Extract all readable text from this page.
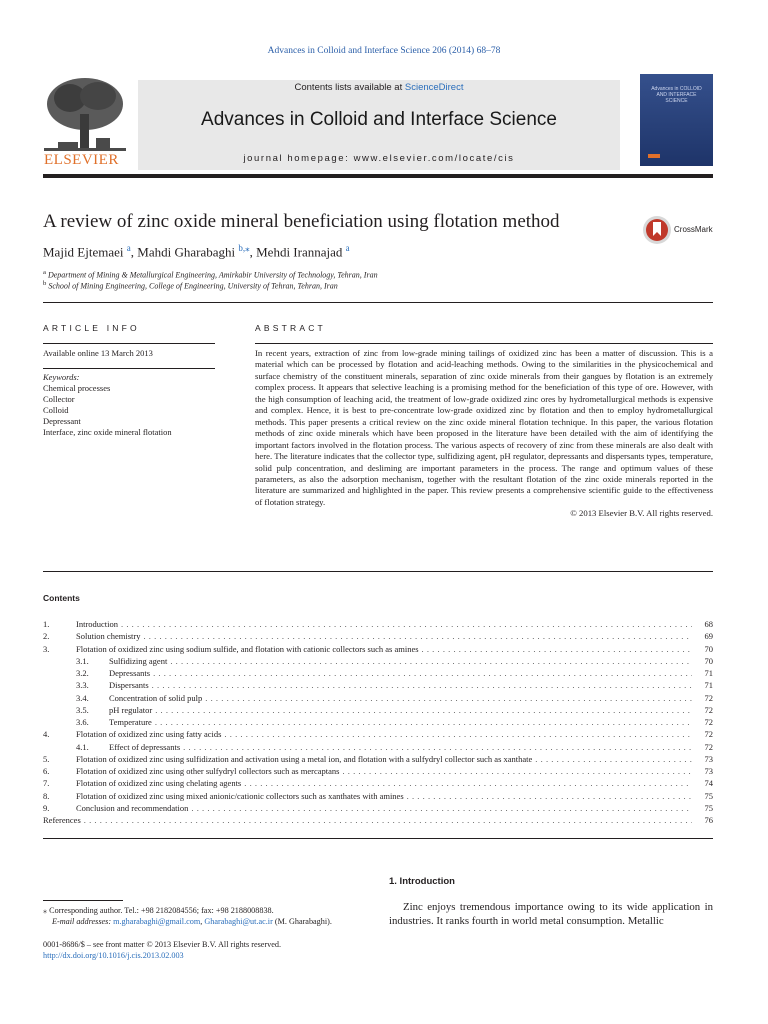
Advances in Colloid and Interface Science 206 (2014) 68–78
ELSEVIER
Contents lists available at ScienceDirect
Advances in Colloid and Interface Science
journal homepage: www.elsevier.com/locate/cis
Advances in COLLOID AND INTERFACE SCIENCE
A review of zinc oxide mineral beneficiation using flotation method	CrossMark
Majid Ejtemaei $^a$, Mahdi Gharabaghi $^{b,⁎}$, Mehdi Irannajad $^a$
$^a$ Department of Mining & Metallurgical Engineering, Amirkabir University of Technology, Tehran, Iran
$^b$ School of Mining Engineering, College of Engineering, University of Tehran, Tehran, Iran
ARTICLE INFO
Available online 13 March 2013
Keywords:
Chemical processes
Collector
Colloid
Depressant
Interface, zinc oxide mineral flotation
ABSTRACT
In recent years, extraction of zinc from low-grade mining tailings of oxidized zinc has been a matter of discussion. This is a material which can be processed by flotation and acid-leaching methods. Owing to the similarities in the physicochemical and surface chemistry of the constituent minerals, separation of zinc oxide minerals from their gangues by flotation is an extremely complex process. It appears that selective leaching is a promising method for the beneficiation of this type of ore. However, with the high consumption of leaching acid, the treatment of low-grade oxidized zinc ores by hydrometallurgical methods is expensive and complex. Hence, it is best to pre-concentrate low-grade oxidized zinc by flotation and then to employ hydrometallurgical methods. This paper presents a critical review on the zinc oxide mineral flotation technique. In this paper, the various flotation methods of zinc oxide minerals which have been proposed in the literature have been detailed with the aim of identifying the important factors involved in the flotation process. The various aspects of recovery of zinc from these minerals are also dealt with here. The literature indicates that the collector type, sulfidizing agent, pH regulator, depressants and dispersants types, temperature, solid pulp concentration, and desliming are important parameters in the process. The range and optimum values of these parameters, as also the adsorption mechanism, together with the resultant flotation of the zinc oxide minerals reported in the literature are summarized and highlighted in the paper. This review presents a comprehensive scientific guide to the effectiveness of flotation strategy.
© 2013 Elsevier B.V. All rights reserved.
Contents
1.	Introduction .....	68
2.	Solution chemistry .....	69
3.	Flotation of oxidized zinc using sodium sulfide, and flotation with cationic collectors such as amines .....	70
3.1.	Sulfidizing agent .....	70
3.2.	Depressants .....	71
3.3.	Dispersants .....	71
3.4.	Concentration of solid pulp .....	72
3.5.	pH regulator .....	72
3.6.	Temperature .....	72
4.	Flotation of oxidized zinc using fatty acids .....	72
4.1.	Effect of depressants .....	72
5.	Flotation of oxidized zinc using sulfidization and activation using a metal ion, and flotation with a sulfydryl collector such as xanthate .....	73
6.	Flotation of oxidized zinc using other sulfydryl collectors such as mercaptans .....	73
7.	Flotation of oxidized zinc using chelating agents .....	74
8.	Flotation of oxidized zinc using mixed anionic/cationic collectors such as xanthates with amines .....	75
9.	Conclusion and recommendation .....	75
References .....	76
⁎ Corresponding author. Tel.: +98 2182084556; fax: +98 2188008838.
E-mail addresses: m.gharabaghi@gmail.com, Gharabaghi@ut.ac.ir (M. Gharabaghi).
0001-8686/$ – see front matter © 2013 Elsevier B.V. All rights reserved.
http://dx.doi.org/10.1016/j.cis.2013.02.003
1. Introduction
Zinc enjoys tremendous importance owing to its wide application in industries. It ranks fourth in world metal consumption. Metallic
